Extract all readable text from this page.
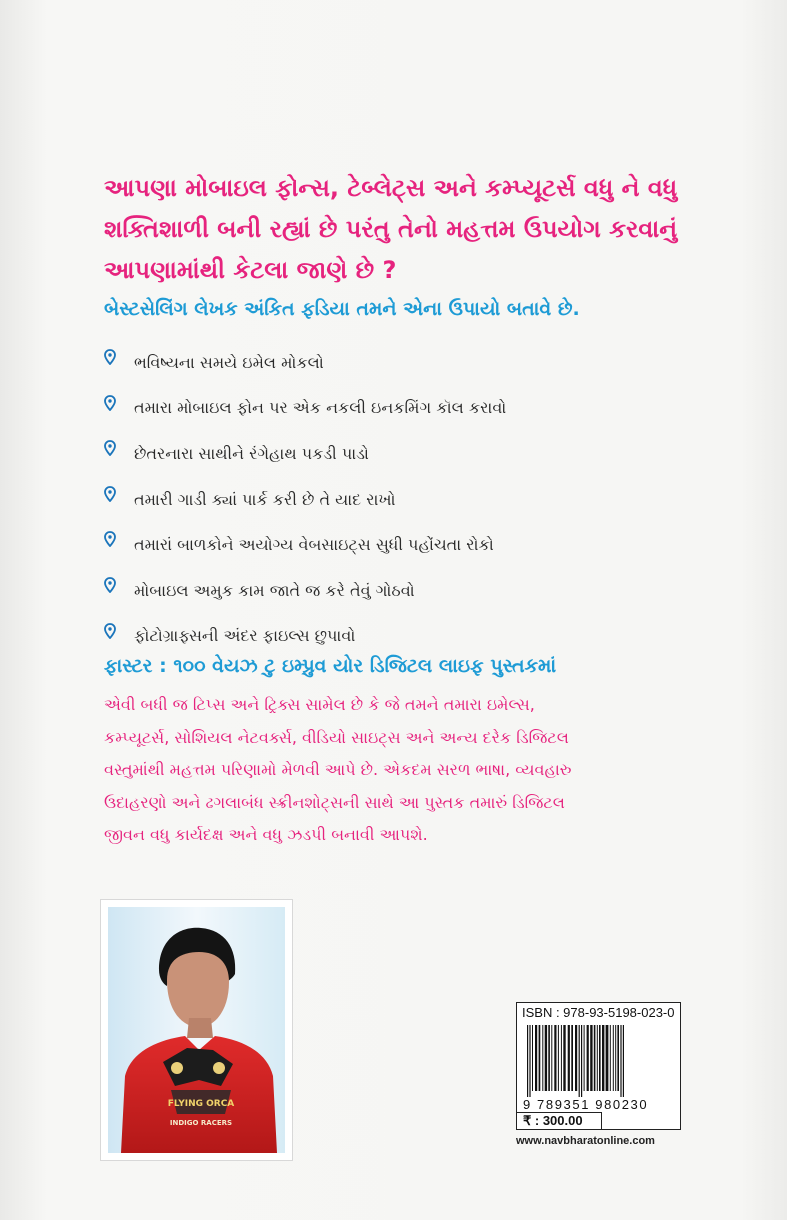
આપણા મોબાઇલ ફોન્સ, ટેબ્લેટ્સ અને કમ્પ્યૂટર્સ વધુ ને વધુ
શક્તિશાળી બની રહ્યાં છે પરંતુ તેનો મહત્તમ ઉપયોગ કરવાનું
આપણામાંથી કેટલા જાણે છે ?
બેસ્ટસેલિંગ લેખક અંકિત ફડિયા તમને એના ઉપાયો બતાવે છે.
ભવિષ્યના સમયે ઇમેલ મોકલો
તમારા મોબાઇલ ફોન પર એક નકલી ઇનકમિંગ કૉલ કરાવો
છેતરનારા સાથીને રંગેહાથ પકડી પાડો
તમારી ગાડી ક્યાં પાર્ક કરી છે તે યાદ રાખો
તમારાં બાળકોને અયોગ્ય વેબસાઇટ્સ સુધી પહોંચતા રોકો
મોબાઇલ અમુક કામ જાતે જ કરે તેવું ગોઠવો
ફોટોગ્રાફ્સની અંદર ફાઇલ્સ છુપાવો
ફાસ્ટર : ૧૦૦ વેયઝ ટુ ઇમ્પ્રુવ યોર ડિજિટલ લાઇફ પુસ્તકમાં
એવી બધી જ ટિપ્સ અને ટ્રિક્સ સામેલ છે કે જે તમને તમારા ઇમેલ્સ,
કમ્પ્યૂટર્સ, સોશિયલ નેટવર્ક્સ, વીડિયો સાઇટ્સ અને અન્ય દરેક ડિજિટલ
વસ્તુમાંથી મહત્તમ પરિણામો મેળવી આપે છે. એકદમ સરળ ભાષા, વ્યવહારુ
ઉદાહરણો અને ઢગલાબંધ સ્ક્રીનશોટ્સની સાથે આ પુસ્તક તમારું ડિજિટલ
જીવન વધુ કાર્યદક્ષ અને વધુ ઝડપી બનાવી આપશે.
FLYING ORCA
INDIGO RACERS
ISBN : 978-93-5198-023-0
9 789351 980230
₹ : 300.00
www.navbharatonline.com
